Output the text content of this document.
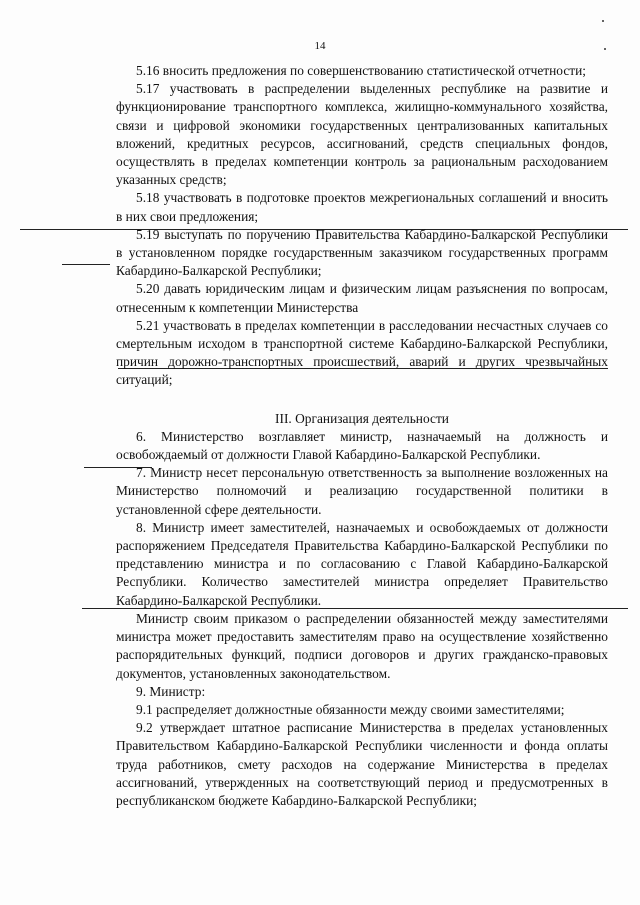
14

5.16 вносить предложения по совершенствованию статистической отчетности;

5.17 участвовать в распределении выделенных республике на развитие и функционирование транспортного комплекса, жилищно-коммунального хозяйства, связи и цифровой экономики государственных централизованных капитальных вложений, кредитных ресурсов, ассигнований, средств специальных фондов, осуществлять в пределах компетенции контроль за рациональным расходованием указанных средств;

5.18 участвовать в подготовке проектов межрегиональных соглашений и вносить в них свои предложения;

5.19 выступать по поручению Правительства Кабардино-Балкарской Республики в установленном порядке государственным заказчиком государственных программ Кабардино-Балкарской Республики;

5.20 давать юридическим лицам и физическим лицам разъяснения по вопросам, отнесенным к компетенции Министерства

5.21 участвовать в пределах компетенции в расследовании несчастных случаев со смертельным исходом в транспортной системе Кабардино-Балкарской Республики, причин дорожно-транспортных происшествий, аварий и других чрезвычайных ситуаций;

III. Организация деятельности

6. Министерство возглавляет министр, назначаемый на должность и освобождаемый от должности Главой Кабардино-Балкарской Республики.

7. Министр несет персональную ответственность за выполнение возложенных на Министерство полномочий и реализацию государственной политики в установленной сфере деятельности.

8. Министр имеет заместителей, назначаемых и освобождаемых от должности распоряжением Председателя Правительства Кабардино-Балкарской Республики по представлению министра и по согласованию с Главой Кабардино-Балкарской Республики. Количество заместителей министра определяет Правительство Кабардино-Балкарской Республики.

Министр своим приказом о распределении обязанностей между заместителями министра может предоставить заместителям право на осуществление хозяйственно распорядительных функций, подписи договоров и других гражданско-правовых документов, установленных законодательством.

9. Министр:

9.1 распределяет должностные обязанности между своими заместителями;

9.2 утверждает штатное расписание Министерства в пределах установленных Правительством Кабардино-Балкарской Республики численности и фонда оплаты труда работников, смету расходов на содержание Министерства в пределах ассигнований, утвержденных на соответствующий период и предусмотренных в республиканском бюджете Кабардино-Балкарской Республики;
